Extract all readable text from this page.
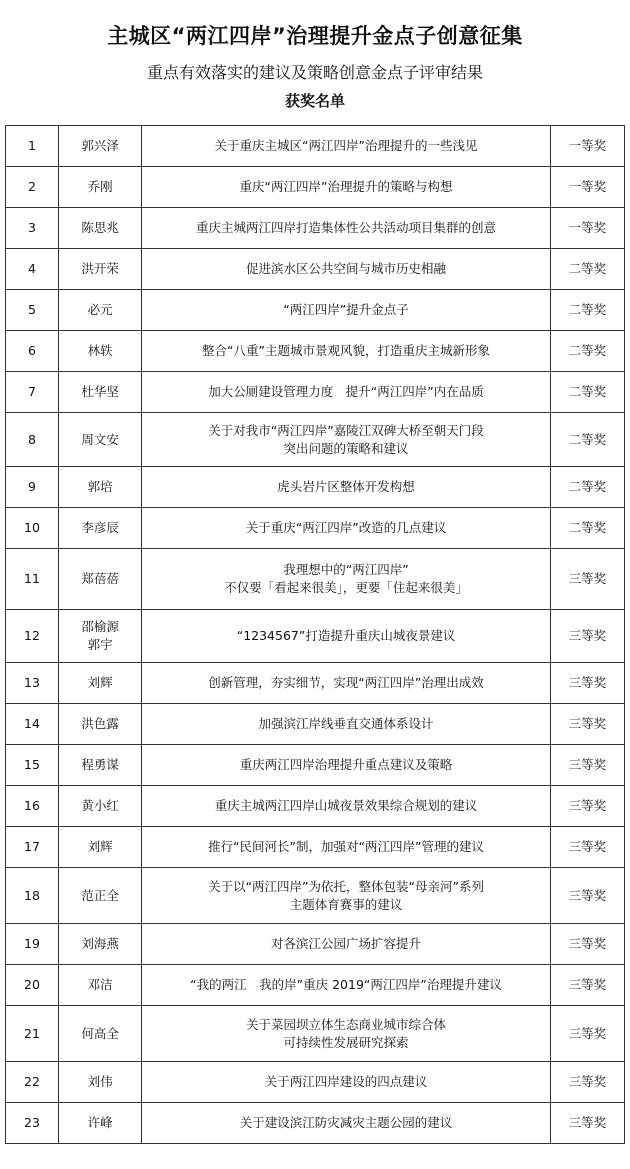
主城区“两江四岸”治理提升金点子创意征集
重点有效落实的建议及策略创意金点子评审结果
获奖名单
1	郭兴泽	关于重庆主城区“两江四岸”治理提升的一些浅见	一等奖
2	乔刚	重庆“两江四岸”治理提升的策略与构想	一等奖
3	陈思兆	重庆主城两江四岸打造集体性公共活动项目集群的创意	一等奖
4	洪开荣	促进滨水区公共空间与城市历史相融	二等奖
5	必元	“两江四岸”提升金点子	二等奖
6	林轶	整合“八重”主题城市景观风貌，打造重庆主城新形象	二等奖
7	杜华坚	加大公厕建设管理力度　提升“两江四岸”内在品质	二等奖
8	周文安	关于对我市“两江四岸”嘉陵江双碑大桥至朝天门段
突出问题的策略和建议	二等奖
9	郭培	虎头岩片区整体开发构想	二等奖
10	李彦辰	关于重庆“两江四岸”改造的几点建议	二等奖
11	郑蓓蓓	我理想中的“两江四岸”
不仅要「看起来很美」，更要「住起来很美」	三等奖
12	邵榆源
郭宇	“1234567”打造提升重庆山城夜景建议	三等奖
13	刘辉	创新管理，夯实细节，实现“两江四岸”治理出成效	三等奖
14	洪色露	加强滨江岸线垂直交通体系设计	三等奖
15	程勇谋	重庆两江四岸治理提升重点建议及策略	三等奖
16	黄小红	重庆主城两江四岸山城夜景效果综合规划的建议	三等奖
17	刘辉	推行“民间河长”制，加强对“两江四岸”管理的建议	三等奖
18	范正全	关于以“两江四岸”为依托，整体包装“母亲河”系列
主题体育赛事的建议	三等奖
19	刘海燕	对各滨江公园广场扩容提升	三等奖
20	邓洁	“我的两江　我的岸”重庆 2019“两江四岸”治理提升建议	三等奖
21	何高全	关于菜园坝立体生态商业城市综合体
可持续性发展研究探索	三等奖
22	刘伟	关于两江四岸建设的四点建议	三等奖
23	许峰	关于建设滨江防灾减灾主题公园的建议	三等奖
